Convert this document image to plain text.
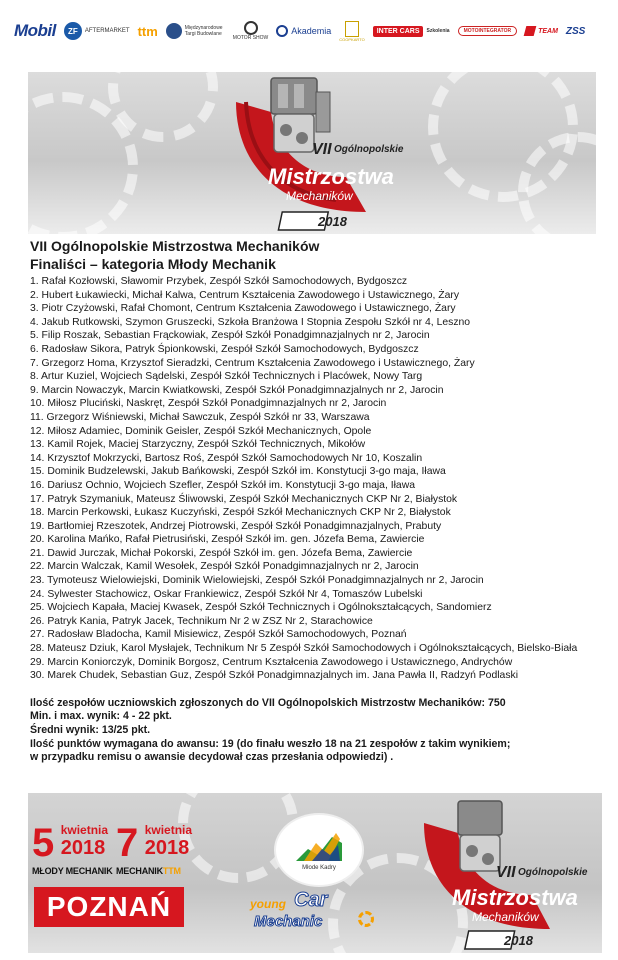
Mobil	ZF	AFTERMARKET ttm	Międzynarodowe Targi Budowlane
MOTOR SHOW
Akademia
COOPKARTO
INTER CARS	Szkolenia	MOTOINTEGRATOR	TEAM ZSS
Ogólnopolskie
VII
Mistrzostwa
Mechaników
2018
VII Ogólnopolskie Mistrzostwa Mechaników
Finaliści – kategoria Młody Mechanik
1. Rafał Kozłowski, Sławomir Przybek, Zespół Szkół Samochodowych, Bydgoszcz
2. Hubert Łukawiecki, Michał Kalwa, Centrum Kształcenia Zawodowego i Ustawicznego, Żary
3. Piotr Czyżowski, Rafał Chomont, Centrum Kształcenia Zawodowego i Ustawicznego, Żary
4. Jakub Rutkowski, Szymon Gruszecki, Szkoła Branżowa I Stopnia Zespołu Szkół nr 4, Leszno
5. Filip Roszak, Sebastian Frąckowiak, Zespół Szkół Ponadgimnazjalnych nr 2, Jarocin
6. Radosław Sikora, Patryk Śpionkowski, Zespół Szkół Samochodowych, Bydgoszcz
7. Grzegorz Homa, Krzysztof Sieradzki, Centrum Kształcenia Zawodowego i Ustawicznego, Żary
8. Artur Kuziel, Wojciech Sądelski, Zespół Szkół Technicznych i Placówek, Nowy Targ
9. Marcin Nowaczyk, Marcin Kwiatkowski, Zespół Szkół Ponadgimnazjalnych nr 2, Jarocin
10. Miłosz Pluciński, Naskręt, Zespół Szkół Ponadgimnazjalnych nr 2, Jarocin
11. Grzegorz Wiśniewski, Michał Sawczuk, Zespół Szkół nr 33, Warszawa
12. Miłosz Adamiec, Dominik Geisler, Zespół Szkół Mechanicznych, Opole
13. Kamil Rojek, Maciej Starzyczny, Zespół Szkół Technicznych, Mikołów
14. Krzysztof Mokrzycki, Bartosz Roś, Zespół Szkół Samochodowych Nr 10, Koszalin
15. Dominik Budzelewski, Jakub Bańkowski, Zespół Szkół im. Konstytucji 3-go maja, Iława
16. Dariusz Ochnio, Wojciech Szefler, Zespół Szkół im. Konstytucji 3-go maja, Iława
17. Patryk Szymaniuk, Mateusz Śliwowski, Zespół Szkół Mechanicznych CKP Nr 2, Białystok
18. Marcin Perkowski, Łukasz Kuczyński, Zespół Szkół Mechanicznych CKP Nr 2, Białystok
19. Bartłomiej Rzeszotek, Andrzej Piotrowski, Zespół Szkół Ponadgimnazjalnych, Prabuty
20. Karolina Mańko, Rafał Pietrusiński, Zespół Szkół im. gen. Józefa Bema, Zawiercie
21. Dawid Jurczak, Michał Pokorski, Zespół Szkół im. gen. Józefa Bema, Zawiercie
22. Marcin Walczak, Kamil Wesołek, Zespół Szkół Ponadgimnazjalnych nr 2, Jarocin
23. Tymoteusz Wielowiejski, Dominik Wielowiejski, Zespół Szkół Ponadgimnazjalnych nr 2, Jarocin
24. Sylwester Stachowicz, Oskar Frankiewicz, Zespół Szkół Nr 4, Tomaszów Lubelski
25. Wojciech Kapała, Maciej Kwasek, Zespół Szkół Technicznych i Ogólnokształcących, Sandomierz
26. Patryk Kania, Patryk Jacek, Technikum Nr 2 w ZSZ Nr 2, Starachowice
27. Radosław Bladocha, Kamil Misiewicz, Zespół Szkół Samochodowych, Poznań
28. Mateusz Dziuk, Karol Mysłajek, Technikum Nr 5 Zespół Szkół Samochodowych i Ogólnokształcących, Bielsko-Biała
29. Marcin Koniorczyk, Dominik Borgosz, Centrum Kształcenia Zawodowego i Ustawicznego, Andrychów
30. Marek Chudek, Sebastian Guz, Zespół Szkół Ponadgimnazjalnych im. Jana Pawła II, Radzyń Podlaski

Ilość zespołów uczniowskich zgłoszonych do VII Ogólnopolskich Mistrzostw Mechaników: 750

Min. i max. wynik: 4 - 22 pkt.

Średni wynik: 13/25 pkt.

Ilość punktów wymagana do awansu: 19 (do finału weszło 18 na 21 zespołów z takim wynikiem;

w przypadku remisu o awansie decydował czas przesłania odpowiedzi) .

5 kwietnia
2018
MŁODY MECHANIK
7 kwietnia
2018
MECHANIKTTM
POZNAŃ
Młode Kadry
young Car
Mechanic
Ogólnopolskie
VII
Mistrzostwa
Mechaników
2018
